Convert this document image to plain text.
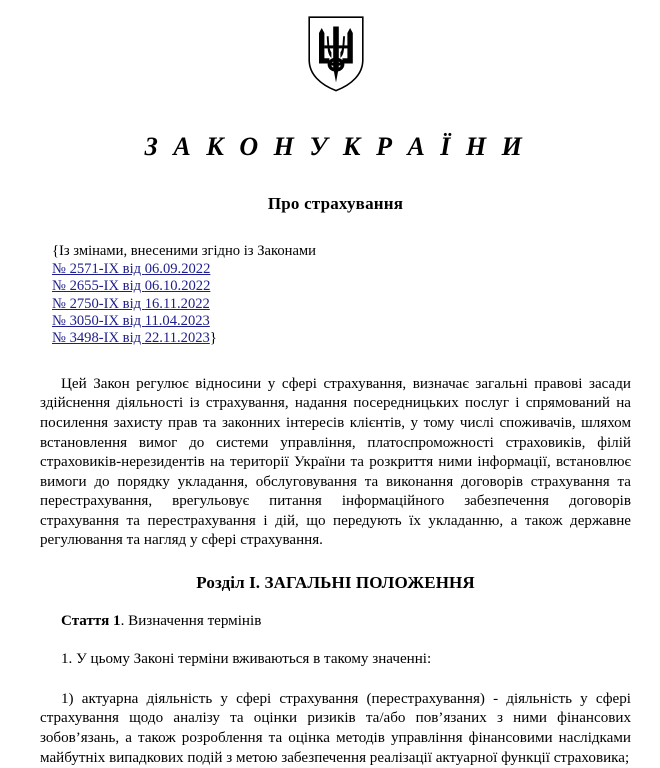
З А К О Н У К Р А Ї Н И
Про страхування
{Із змінами, внесеними згідно із Законами
№ 2571-IX від 06.09.2022
№ 2655-IX від 06.10.2022
№ 2750-IX від 16.11.2022
№ 3050-IX від 11.04.2023
№ 3498-IX від 22.11.2023}

Цей Закон регулює відносини у сфері страхування, визначає загальні правові засади здійснення діяльності із страхування, надання посередницьких послуг і спрямований на посилення захисту прав та законних інтересів клієнтів, у тому числі споживачів, шляхом встановлення вимог до системи управління, платоспроможності страховиків, філій страховиків-нерезидентів на території України та розкриття ними інформації, встановлює вимоги до порядку укладання, обслуговування та виконання договорів страхування та перестрахування, врегульовує питання інформаційного забезпечення договорів страхування та перестрахування і дій, що передують їх укладанню, а також державне регулювання та нагляд у сфері страхування.

Розділ I. ЗАГАЛЬНІ ПОЛОЖЕННЯ
Стаття 1. Визначення термінів
1. У цьому Законі терміни вживаються в такому значенні:

1) актуарна діяльність у сфері страхування (перестрахування) - діяльність у сфері страхування щодо аналізу та оцінки ризиків та/або пов’язаних з ними фінансових зобов’язань, а також розроблення та оцінка методів управління фінансовими наслідками майбутніх випадкових подій з метою забезпечення реалізації актуарної функції страховика;
